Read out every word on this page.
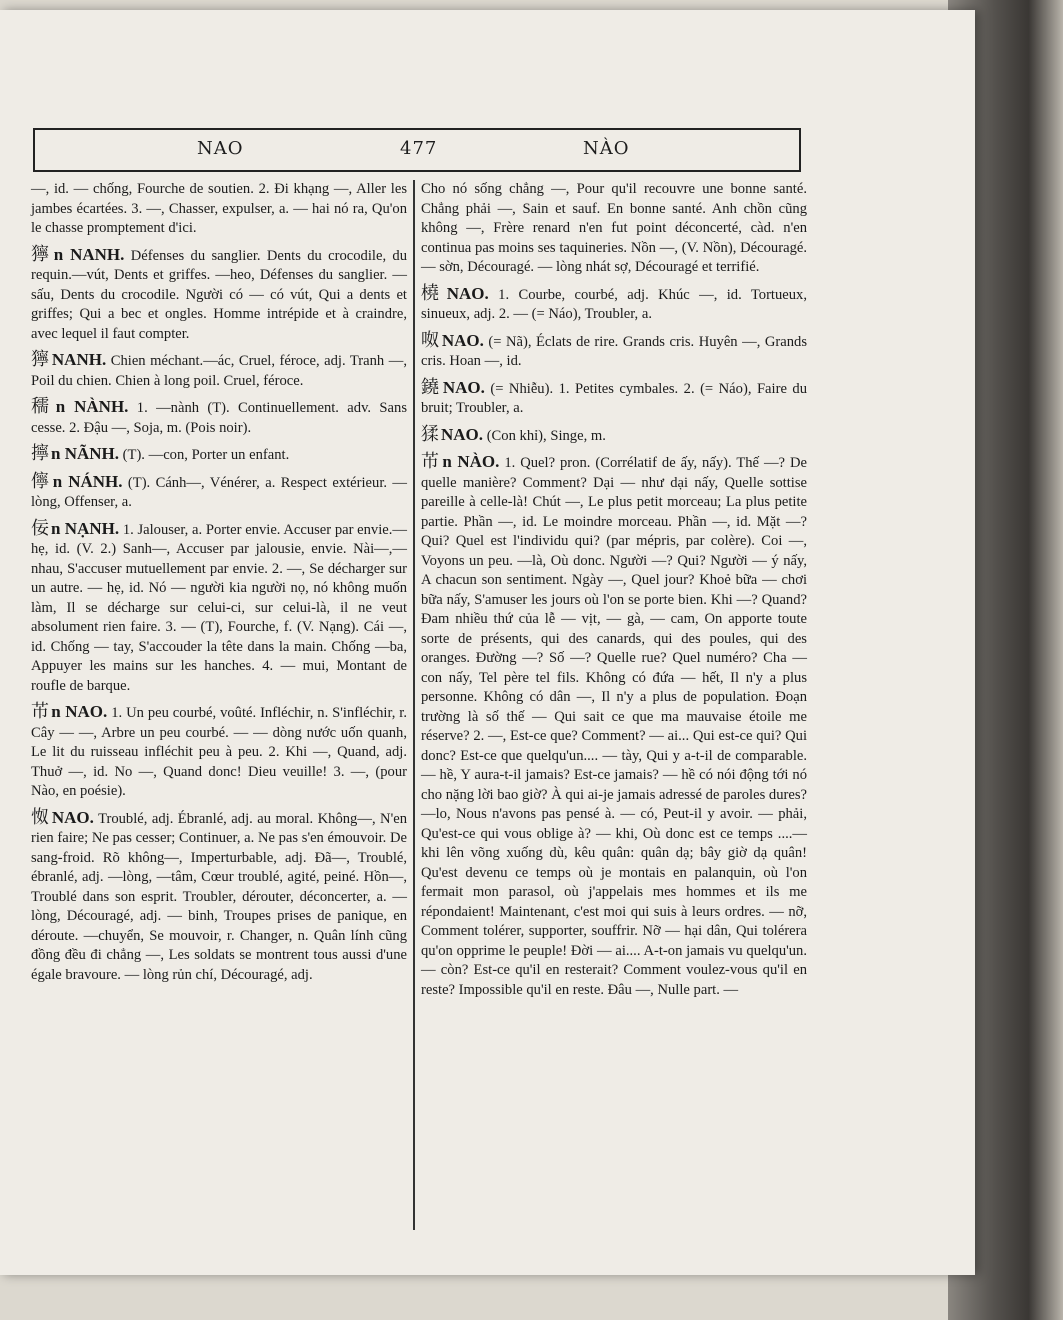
NAO	477	NÀO

—, id. — chống, Fourche de soutien. 2. Đi khạng —, Aller les jambes écartées. 3. —, Chasser, expulser, a. — hai nó ra, Qu'on le chasse promptement d'ici.

獰 n NANH. Défenses du sanglier. Dents du crocodile, du requin.—vút, Dents et griffes. —heo, Défenses du sanglier. — sấu, Dents du crocodile. Người có — có vút, Qui a dents et griffes; Qui a bec et ongles. Homme intrépide et à craindre, avec lequel il faut compter.

獰 NANH. Chien méchant.—ác, Cruel, féroce, adj. Tranh —, Poil du chien. Chien à long poil. Cruel, féroce.

穤 n NÀNH. 1. —nành (T). Continuellement. adv. Sans cesse. 2. Đậu —, Soja, m. (Pois noir).

擰 n NÃNH. (T). —con, Porter un enfant.

儜 n NÁNH. (T). Cánh—, Vénérer, a. Respect extérieur. — lòng, Offenser, a.

佞 n NẠNH. 1. Jalouser, a. Porter envie. Accuser par envie.—hẹ, id. (V. 2.) Sanh—, Accuser par jalousie, envie. Nài—,—nhau, S'accuser mutuellement par envie. 2. —, Se décharger sur un autre. — hẹ, id. Nó — người kia người nọ, nó không muốn làm, Il se décharge sur celui-ci, sur celui-là, il ne veut absolument rien faire. 3. — (T), Fourche, f. (V. Nạng). Cái —, id. Chống — tay, S'accouder la tête dans la main. Chống —ba, Appuyer les mains sur les hanches. 4. — mui, Montant de roufle de barque.

芇 n NAO. 1. Un peu courbé, voûté. Infléchir, n. S'infléchir, r. Cây — —, Arbre un peu courbé. — — dòng nước uốn quanh, Le lit du ruisseau infléchit peu à peu. 2. Khi —, Quand, adj. Thuở —, id. No —, Quand donc! Dieu veuille! 3. —, (pour Nào, en poésie).

怓 NAO. Troublé, adj. Ébranlé, adj. au moral. Không—, N'en rien faire; Ne pas cesser; Continuer, a. Ne pas s'en émouvoir. De sang-froid. Rõ không—, Imperturbable, adj. Đã—, Troublé, ébranlé, adj. —lòng, —tâm, Cœur troublé, agité, peiné. Hồn—, Troublé dans son esprit. Troubler, dérouter, déconcerter, a. — lòng, Découragé, adj. — binh, Troupes prises de panique, en déroute. —chuyển, Se mouvoir, r. Changer, n. Quân lính cũng đồng đều đi chẳng —, Les soldats se montrent tous aussi d'une égale bravoure. — lòng rủn chí, Découragé, adj.

Cho nó sống chẳng —, Pour qu'il recouvre une bonne santé. Chẳng phải —, Sain et sauf. En bonne santé. Anh chồn cũng không —, Frère renard n'en fut point déconcerté, càd. n'en continua pas moins ses taquineries. Nồn —, (V. Nồn), Découragé. — sờn, Découragé. — lòng nhát sợ, Découragé et terrifié.

橈 NAO. 1. Courbe, courbé, adj. Khúc —, id. Tortueux, sinueux, adj. 2. — (= Náo), Troubler, a.

呶 NAO. (= Nã), Éclats de rire. Grands cris. Huyên —, Grands cris. Hoan —, id.

鐃 NAO. (= Nhiễu). 1. Petites cymbales. 2. (= Náo), Faire du bruit; Troubler, a.

猱 NAO. (Con khỉ), Singe, m.

芇 n NÀO. 1. Quel? pron. (Corrélatif de ấy, nấy). Thế —? De quelle manière? Comment? Dại — như dại nấy, Quelle sottise pareille à celle-là! Chút —, Le plus petit morceau; La plus petite partie. Phần —, id. Le moindre morceau. Phần —, id. Mặt —? Qui? Quel est l'individu qui? (par mépris, par colère). Coi —, Voyons un peu. —là, Où donc. Người —? Qui? Người — ý nấy, A chacun son sentiment. Ngày —, Quel jour? Khoẻ bữa — chơi bữa nấy, S'amuser les jours où l'on se porte bien. Khi —? Quand? Đam nhiều thứ của lễ — vịt, — gà, — cam, On apporte toute sorte de présents, qui des canards, qui des poules, qui des oranges. Đường —? Số —? Quelle rue? Quel numéro? Cha — con nấy, Tel père tel fils. Không có đứa — hết, Il n'y a plus personne. Không có dân —, Il n'y a plus de population. Đoạn trường là số thế — Qui sait ce que ma mauvaise étoile me réserve? 2. —, Est-ce que? Comment? — ai... Qui est-ce qui? Qui donc? Est-ce que quelqu'un.... — tày, Qui y a-t-il de comparable. — hề, Y aura-t-il jamais? Est-ce jamais? — hề có nói động tới nó cho nặng lời bao giờ? À qui ai-je jamais adressé de paroles dures? —lo, Nous n'avons pas pensé à. — có, Peut-il y avoir. — phải, Qu'est-ce qui vous oblige à? — khi, Où donc est ce temps ....—khi lên võng xuống dù, kêu quân: quân dạ; bây giờ dạ quân! Qu'est devenu ce temps où je montais en palanquin, où l'on fermait mon parasol, où j'appelais mes hommes et ils me répondaient! Maintenant, c'est moi qui suis à leurs ordres. — nỡ, Comment tolérer, supporter, souffrir. Nỡ — hại dân, Qui tolérera qu'on opprime le peuple! Đời — ai.... A-t-on jamais vu quelqu'un. — còn? Est-ce qu'il en resterait? Comment voulez-vous qu'il en reste? Impossible qu'il en reste. Đâu —, Nulle part. —
